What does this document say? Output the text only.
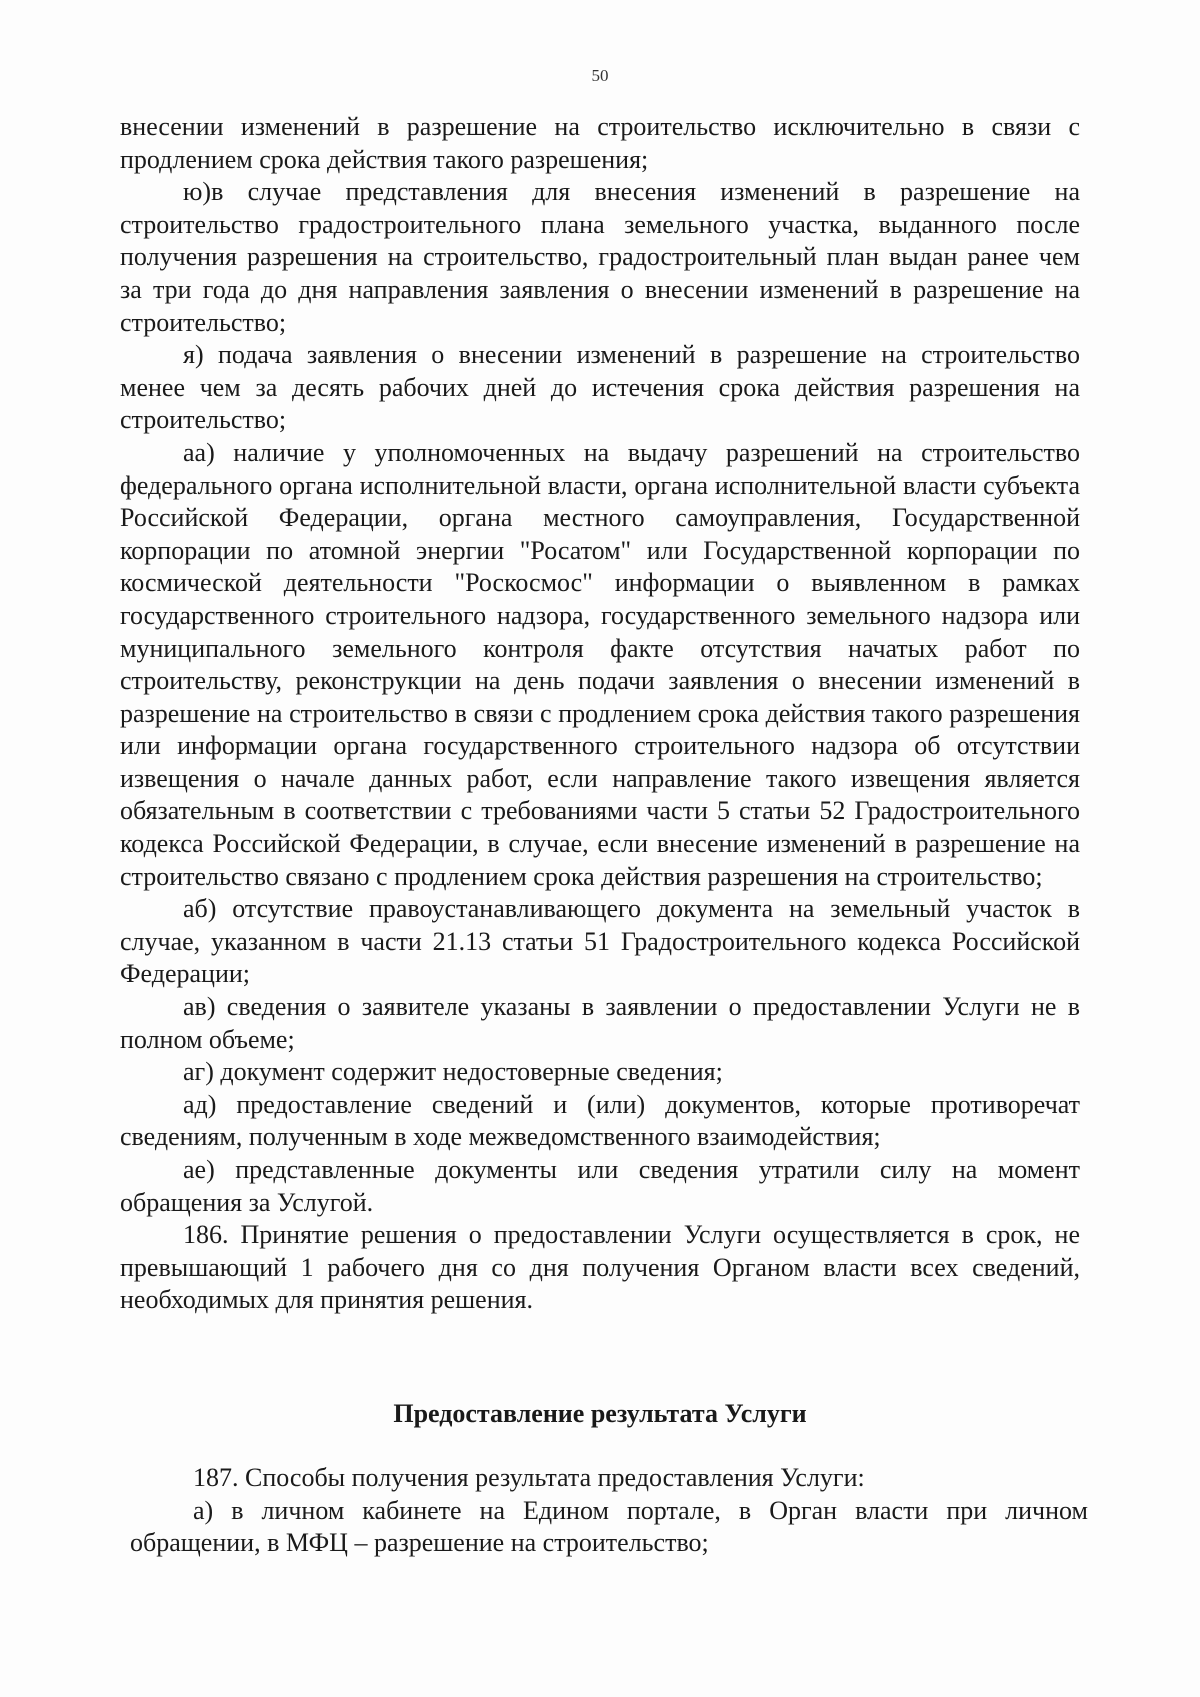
50

внесении изменений в разрешение на строительство исключительно в связи с продлением срока действия такого разрешения;

ю)в случае представления для внесения изменений в разрешение на строительство градостроительного плана земельного участка, выданного после получения разрешения на строительство, градостроительный план выдан ранее чем за три года до дня направления заявления о внесении изменений в разрешение на строительство;

я) подача заявления о внесении изменений в разрешение на строительство менее чем за десять рабочих дней до истечения срока действия разрешения на строительство;

аа) наличие у уполномоченных на выдачу разрешений на строительство федерального органа исполнительной власти, органа исполнительной власти субъекта Российской Федерации, органа местного самоуправления, Государственной корпорации по атомной энергии "Росатом" или Государственной корпорации по космической деятельности "Роскосмос" информации о выявленном в рамках государственного строительного надзора, государственного земельного надзора или муниципального земельного контроля факте отсутствия начатых работ по строительству, реконструкции на день подачи заявления о внесении изменений в разрешение на строительство в связи с продлением срока действия такого разрешения или информации органа государственного строительного надзора об отсутствии извещения о начале данных работ, если направление такого извещения является обязательным в соответствии с требованиями части 5 статьи 52 Градостроительного кодекса Российской Федерации, в случае, если внесение изменений в разрешение на строительство связано с продлением срока действия разрешения на строительство;

аб) отсутствие правоустанавливающего документа на земельный участок в случае, указанном в части 21.13 статьи 51 Градостроительного кодекса Российской Федерации;

ав) сведения о заявителе указаны в заявлении о предоставлении Услуги не в полном объеме;

аг) документ содержит недостоверные сведения;

ад) предоставление сведений и (или) документов, которые противоречат сведениям, полученным в ходе межведомственного взаимодействия;

ае) представленные документы или сведения утратили силу на момент обращения за Услугой.

186. Принятие решения о предоставлении Услуги осуществляется в срок, не превышающий 1 рабочего дня со дня получения Органом власти всех сведений, необходимых для принятия решения.

Предоставление результата Услуги

187. Способы получения результата предоставления Услуги:

а) в личном кабинете на Едином портале, в Орган власти при личном обращении, в МФЦ – разрешение на строительство;
